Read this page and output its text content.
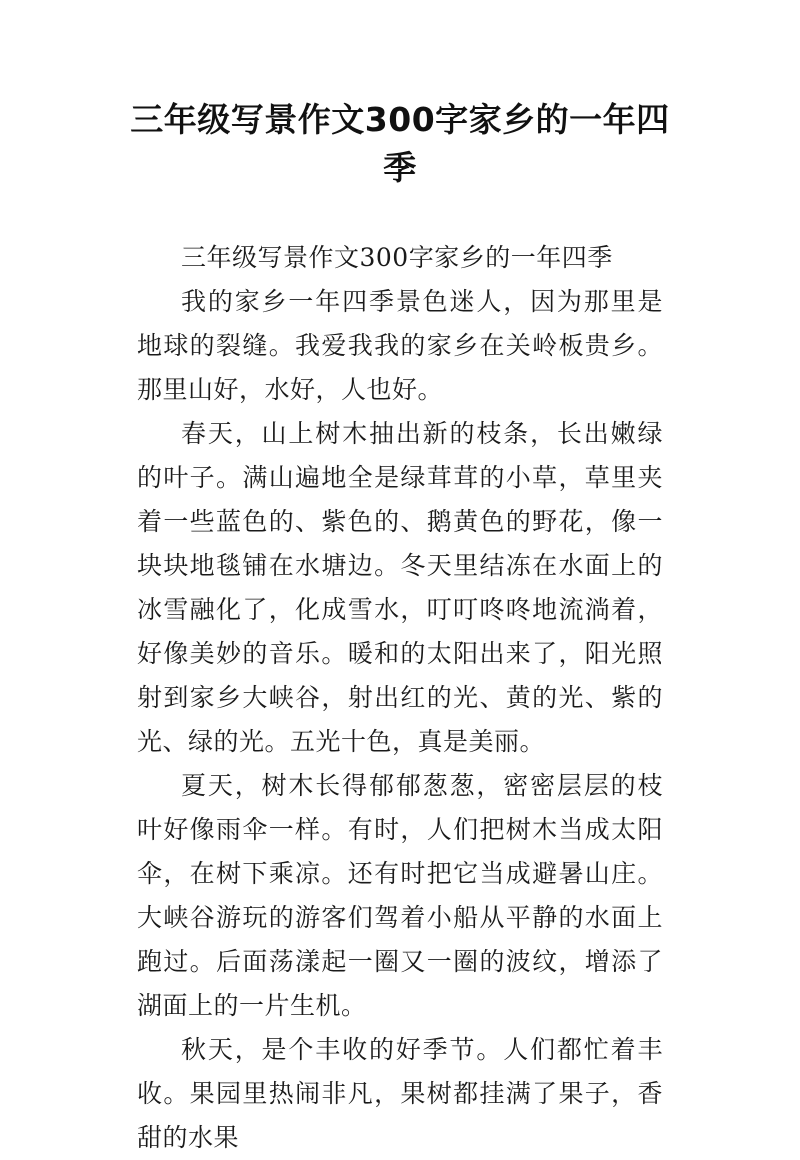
三年级写景作文300字家乡的一年四季

三年级写景作文300字家乡的一年四季

我的家乡一年四季景色迷人，因为那里是地球的裂缝。我爱我我的家乡在关岭板贵乡。那里山好，水好，人也好。

春天，山上树木抽出新的枝条，长出嫩绿的叶子。满山遍地全是绿茸茸的小草，草里夹着一些蓝色的、紫色的、鹅黄色的野花，像一块块地毯铺在水塘边。冬天里结冻在水面上的冰雪融化了，化成雪水，叮叮咚咚地流淌着，好像美妙的音乐。暖和的太阳出来了，阳光照射到家乡大峡谷，射出红的光、黄的光、紫的光、绿的光。五光十色，真是美丽。

夏天，树木长得郁郁葱葱，密密层层的枝叶好像雨伞一样。有时，人们把树木当成太阳伞，在树下乘凉。还有时把它当成避暑山庄。大峡谷游玩的游客们驾着小船从平静的水面上跑过。后面荡漾起一圈又一圈的波纹，增添了湖面上的一片生机。

秋天，是个丰收的好季节。人们都忙着丰收。果园里热闹非凡，果树都挂满了果子，香甜的水果
